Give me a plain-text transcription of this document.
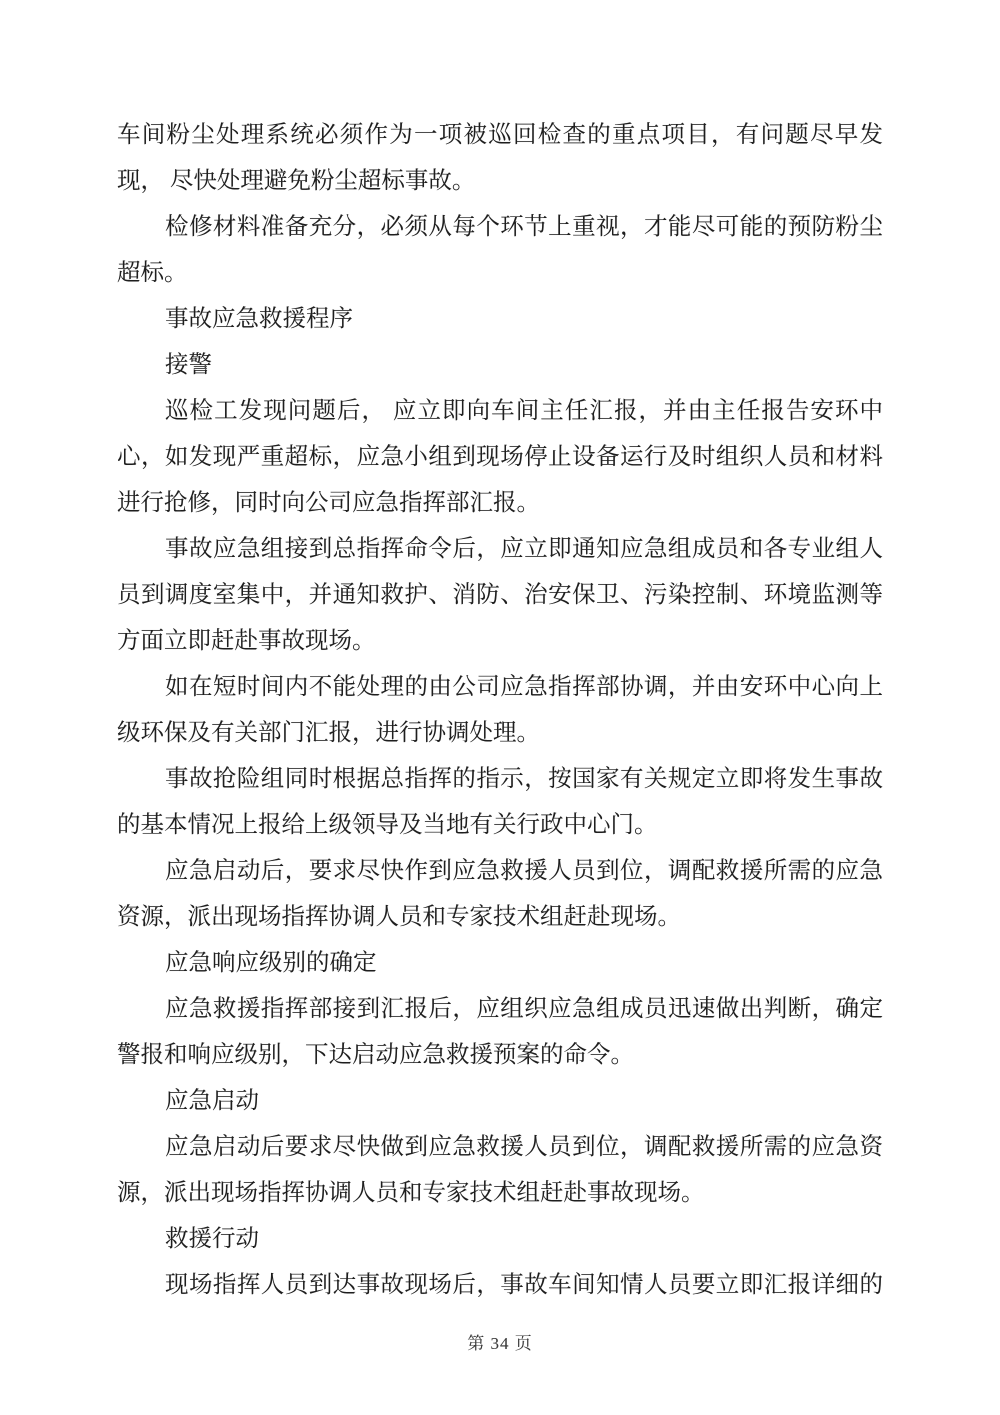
车间粉尘处理系统必须作为一项被巡回检查的重点项目，有问题尽早发
现， 尽快处理避免粉尘超标事故。
检修材料准备充分，必须从每个环节上重视，才能尽可能的预防粉尘
超标。
事故应急救援程序
接警
巡检工发现问题后， 应立即向车间主任汇报，并由主任报告安环中
心，如发现严重超标，应急小组到现场停止设备运行及时组织人员和材料
进行抢修，同时向公司应急指挥部汇报。
事故应急组接到总指挥命令后，应立即通知应急组成员和各专业组人
员到调度室集中，并通知救护、消防、治安保卫、污染控制、环境监测等
方面立即赶赴事故现场。
如在短时间内不能处理的由公司应急指挥部协调，并由安环中心向上
级环保及有关部门汇报，进行协调处理。
事故抢险组同时根据总指挥的指示，按国家有关规定立即将发生事故
的基本情况上报给上级领导及当地有关行政中心门。
应急启动后，要求尽快作到应急救援人员到位，调配救援所需的应急
资源，派出现场指挥协调人员和专家技术组赶赴现场。
应急响应级别的确定
应急救援指挥部接到汇报后，应组织应急组成员迅速做出判断，确定
警报和响应级别，下达启动应急救援预案的命令。
应急启动
应急启动后要求尽快做到应急救援人员到位，调配救援所需的应急资
源，派出现场指挥协调人员和专家技术组赶赴事故现场。
救援行动
现场指挥人员到达事故现场后，事故车间知情人员要立即汇报详细的
第 34 页
